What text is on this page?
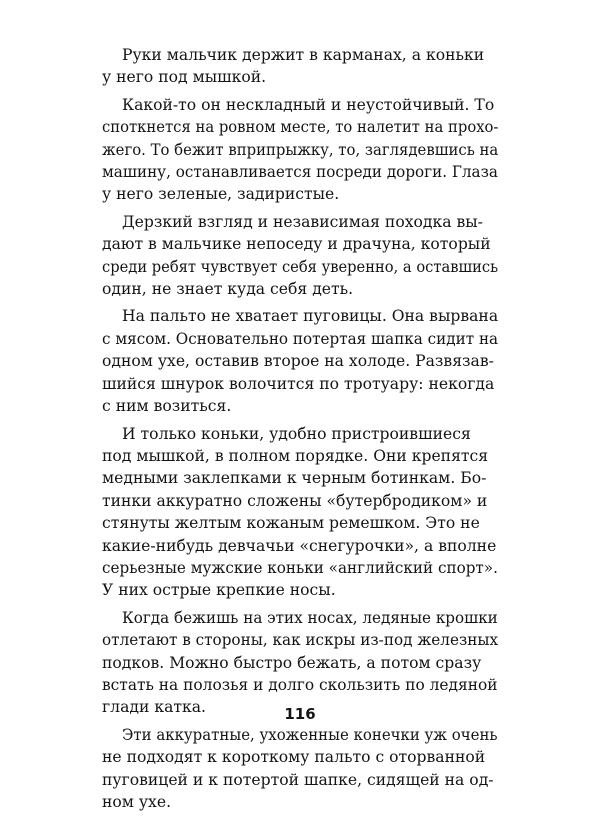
Руки мальчик держит в карманах, а коньки
у него под мышкой.

Какой-то он нескладный и неустойчивый. То
споткнется на ровном месте, то налетит на прохо-
жего. То бежит вприпрыжку, то, заглядевшись на
машину, останавливается посреди дороги. Глаза
у него зеленые, задиристые.

Дерзкий взгляд и независимая походка вы-
дают в мальчике непоседу и драчуна, который
среди ребят чувствует себя уверенно, а оставшись
один, не знает куда себя деть.

На пальто не хватает пуговицы. Она вырвана
с мясом. Основательно потертая шапка сидит на
одном ухе, оставив второе на холоде. Развязав-
шийся шнурок волочится по тротуару: некогда
с ним возиться.

И только коньки, удобно пристроившиеся
под мышкой, в полном порядке. Они крепятся
медными заклепками к черным ботинкам. Бо-
тинки аккуратно сложены «бутербродиком» и
стянуты желтым кожаным ремешком. Это не
какие-нибудь девчачьи «снегурочки», а вполне
серьезные мужские коньки «английский спорт».
У них острые крепкие носы.

Когда бежишь на этих носах, ледяные крошки
отлетают в стороны, как искры из-под железных
подков. Можно быстро бежать, а потом сразу
встать на полозья и долго скользить по ледяной
глади катка.

Эти аккуратные, ухоженные конечки уж очень
не подходят к короткому пальто с оторванной
пуговицей и к потертой шапке, сидящей на од-
ном ухе.

116
